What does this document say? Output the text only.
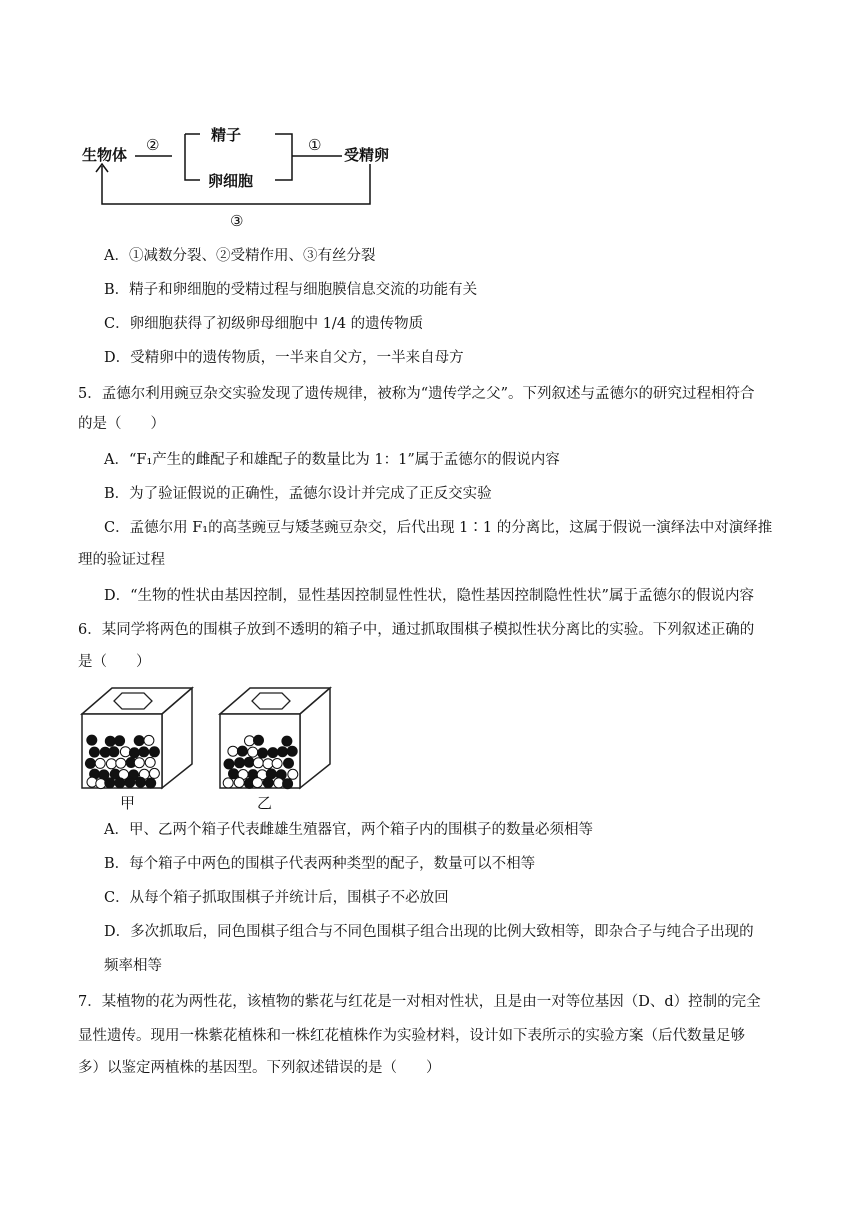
生物体
②
精子
卵细胞
①
受精卵
③
A．①减数分裂、②受精作用、③有丝分裂
B．精子和卵细胞的受精过程与细胞膜信息交流的功能有关
C．卵细胞获得了初级卵母细胞中 1/4 的遗传物质
D．受精卵中的遗传物质，一半来自父方，一半来自母方
5．孟德尔利用豌豆杂交实验发现了遗传规律，被称为“遗传学之父”。下列叙述与孟德尔的研究过程相符合
的是（　　）
A．“F₁产生的雌配子和雄配子的数量比为 1：1”属于孟德尔的假说内容
B．为了验证假说的正确性，孟德尔设计并完成了正反交实验
C．孟德尔用 F₁的高茎豌豆与矮茎豌豆杂交，后代出现 1∶1 的分离比，这属于假说一演绎法中对演绎推
理的验证过程
D．“生物的性状由基因控制，显性基因控制显性性状，隐性基因控制隐性性状”属于孟德尔的假说内容
6．某同学将两色的围棋子放到不透明的箱子中，通过抓取围棋子模拟性状分离比的实验。下列叙述正确的
是（　　）
甲	乙
A．甲、乙两个箱子代表雌雄生殖器官，两个箱子内的围棋子的数量必须相等
B．每个箱子中两色的围棋子代表两种类型的配子，数量可以不相等
C．从每个箱子抓取围棋子并统计后，围棋子不必放回
D．多次抓取后，同色围棋子组合与不同色围棋子组合出现的比例大致相等，即杂合子与纯合子出现的
频率相等
7．某植物的花为两性花，该植物的紫花与红花是一对相对性状，且是由一对等位基因（D、d）控制的完全
显性遗传。现用一株紫花植株和一株红花植株作为实验材料，设计如下表所示的实验方案（后代数量足够
多）以鉴定两植株的基因型。下列叙述错误的是（　　）
